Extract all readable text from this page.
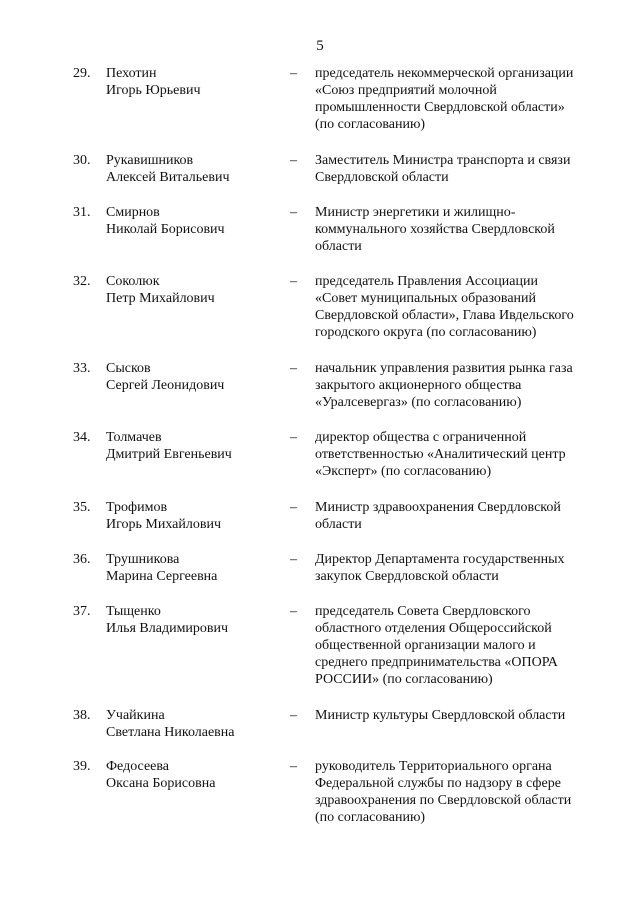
5
29.	Пехотин
Игорь Юрьевич
–	председатель некоммерческой организации
«Союз предприятий молочной
промышленности Свердловской области»
(по согласованию)
30.	Рукавишников
Алексей Витальевич
–	Заместитель Министра транспорта и связи
Свердловской области
31.	Смирнов
Николай Борисович
–	Министр энергетики и жилищно-
коммунального хозяйства Свердловской
области
32.	Соколюк
Петр Михайлович
–	председатель Правления Ассоциации
«Совет муниципальных образований
Свердловской области», Глава Ивдельского
городского округа (по согласованию)
33.	Сысков
Сергей Леонидович
–	начальник управления развития рынка газа
закрытого акционерного общества
«Уралсевергаз» (по согласованию)
34.	Толмачев
Дмитрий Евгеньевич
–	директор общества с ограниченной
ответственностью «Аналитический центр
«Эксперт» (по согласованию)
35.	Трофимов
Игорь Михайлович
–	Министр здравоохранения Свердловской
области
36.	Трушникова
Марина Сергеевна
–	Директор Департамента государственных
закупок Свердловской области
37.	Тыщенко
Илья Владимирович
–	председатель Совета Свердловского
областного отделения Общероссийской
общественной организации малого и
среднего предпринимательства «ОПОРА
РОССИИ» (по согласованию)
38.	Учайкина
Светлана Николаевна
–	Министр культуры Свердловской области
39.	Федосеева
Оксана Борисовна
–	руководитель Территориального органа
Федеральной службы по надзору в сфере
здравоохранения по Свердловской области
(по согласованию)
